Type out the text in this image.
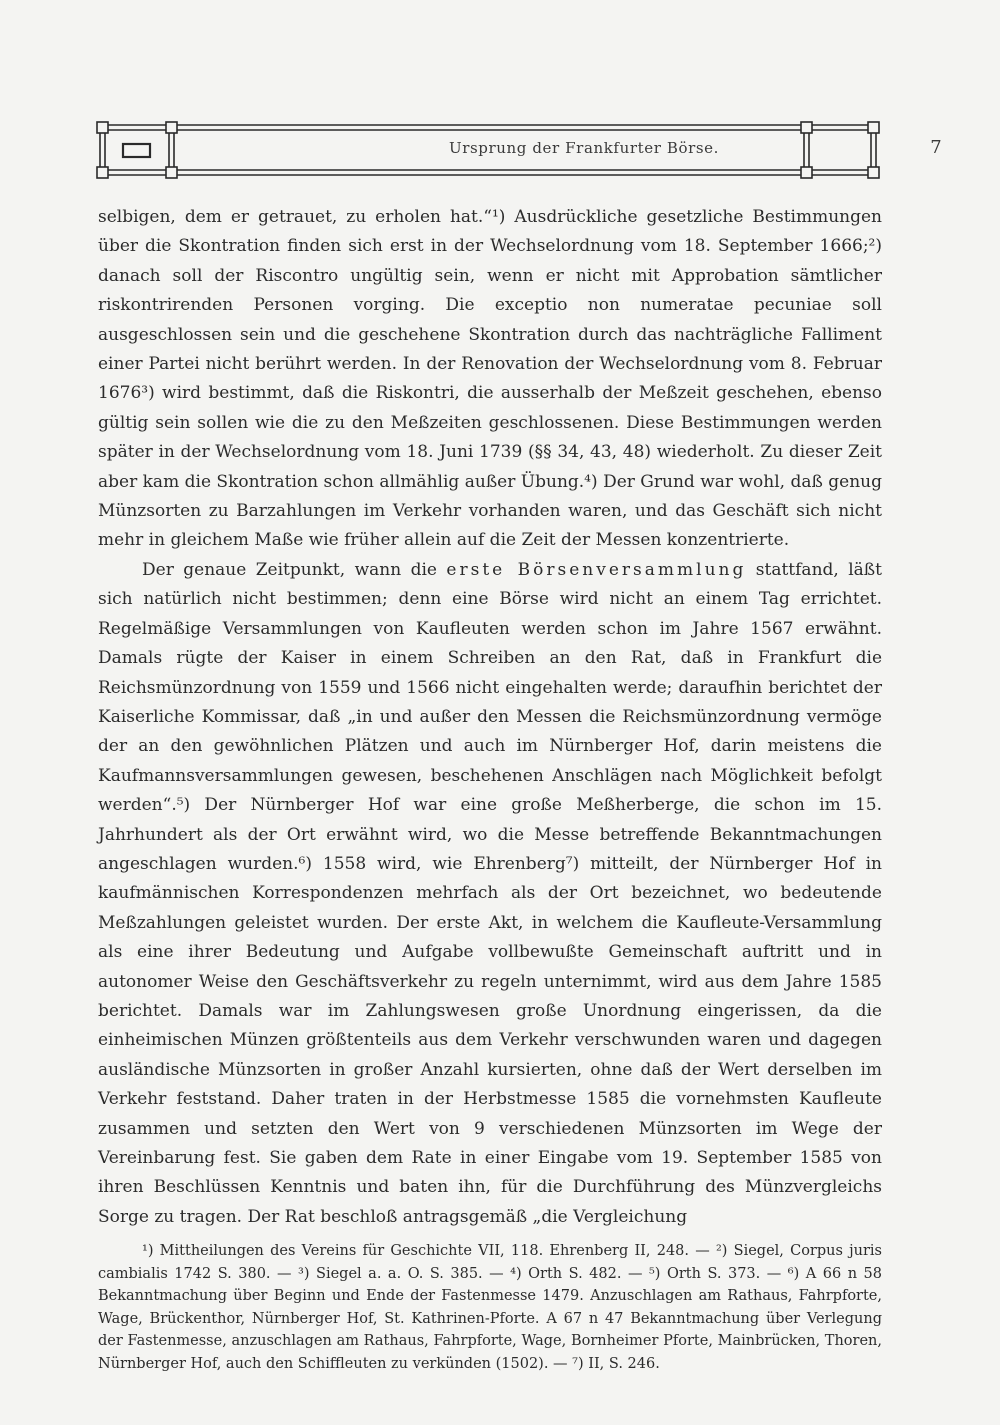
Ursprung der Frankfurter Börse.	7

selbigen, dem er getrauet, zu erholen hat.“¹) Ausdrückliche gesetzliche Bestimmungen über die Skontration finden sich erst in der Wechselordnung vom 18. September 1666;²) danach soll der Riscontro ungültig sein, wenn er nicht mit Approbation sämtlicher riskontrirenden Personen vorging. Die exceptio non numeratae pecuniae soll ausgeschlossen sein und die geschehene Skontration durch das nachträgliche Falliment einer Partei nicht berührt werden. In der Renovation der Wechselordnung vom 8. Februar 1676³) wird bestimmt, daß die Riskontri, die ausserhalb der Meßzeit geschehen, ebenso gültig sein sollen wie die zu den Meßzeiten geschlossenen. Diese Bestimmungen werden später in der Wechselordnung vom 18. Juni 1739 (§§ 34, 43, 48) wiederholt. Zu dieser Zeit aber kam die Skontration schon allmählig außer Übung.⁴) Der Grund war wohl, daß genug Münzsorten zu Barzahlungen im Verkehr vorhanden waren, und das Geschäft sich nicht mehr in gleichem Maße wie früher allein auf die Zeit der Messen konzentrierte.

Der genaue Zeitpunkt, wann die erste Börsenversammlung stattfand, läßt sich natürlich nicht bestimmen; denn eine Börse wird nicht an einem Tag errichtet. Regelmäßige Versammlungen von Kaufleuten werden schon im Jahre 1567 erwähnt. Damals rügte der Kaiser in einem Schreiben an den Rat, daß in Frankfurt die Reichsmünzordnung von 1559 und 1566 nicht eingehalten werde; daraufhin berichtet der Kaiserliche Kommissar, daß „in und außer den Messen die Reichsmünzordnung vermöge der an den gewöhnlichen Plätzen und auch im Nürnberger Hof, darin meistens die Kaufmannsversammlungen gewesen, beschehenen Anschlägen nach Möglichkeit befolgt werden“.⁵) Der Nürnberger Hof war eine große Meßherberge, die schon im 15. Jahrhundert als der Ort erwähnt wird, wo die Messe betreffende Bekanntmachungen angeschlagen wurden.⁶) 1558 wird, wie Ehrenberg⁷) mitteilt, der Nürnberger Hof in kaufmännischen Korrespondenzen mehrfach als der Ort bezeichnet, wo bedeutende Meßzahlungen geleistet wurden. Der erste Akt, in welchem die Kaufleute-Versammlung als eine ihrer Bedeutung und Aufgabe vollbewußte Gemeinschaft auftritt und in autonomer Weise den Geschäftsverkehr zu regeln unternimmt, wird aus dem Jahre 1585 berichtet. Damals war im Zahlungswesen große Unordnung eingerissen, da die einheimischen Münzen größtenteils aus dem Verkehr verschwunden waren und dagegen ausländische Münzsorten in großer Anzahl kursierten, ohne daß der Wert derselben im Verkehr feststand. Daher traten in der Herbstmesse 1585 die vornehmsten Kaufleute zusammen und setzten den Wert von 9 verschiedenen Münzsorten im Wege der Vereinbarung fest. Sie gaben dem Rate in einer Eingabe vom 19. September 1585 von ihren Beschlüssen Kenntnis und baten ihn, für die Durchführung des Münzvergleichs Sorge zu tragen. Der Rat beschloß antragsgemäß „die Vergleichung

¹) Mittheilungen des Vereins für Geschichte VII, 118. Ehrenberg II, 248. — ²) Siegel, Corpus juris cambialis 1742 S. 380. — ³) Siegel a. a. O. S. 385. — ⁴) Orth S. 482. — ⁵) Orth S. 373. — ⁶) A 66 n 58 Bekanntmachung über Beginn und Ende der Fastenmesse 1479. Anzuschlagen am Rathaus, Fahrpforte, Wage, Brückenthor, Nürnberger Hof, St. Kathrinen-Pforte. A 67 n 47 Bekanntmachung über Verlegung der Fastenmesse, anzuschlagen am Rathaus, Fahrpforte, Wage, Bornheimer Pforte, Mainbrücken, Thoren, Nürnberger Hof, auch den Schiffleuten zu verkünden (1502). — ⁷) II, S. 246.
